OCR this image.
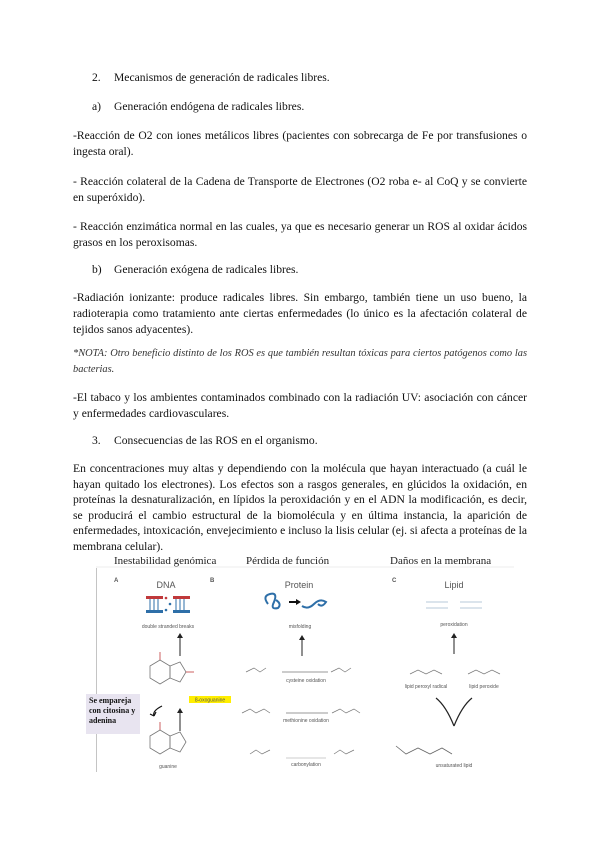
2. Mecanismos de generación de radicales libres.
a) Generación endógena de radicales libres.
-Reacción de O2 con iones metálicos libres (pacientes con sobrecarga de Fe por transfusiones o ingesta oral).
- Reacción colateral de la Cadena de Transporte de Electrones (O2 roba e- al CoQ y se convierte en superóxido).
- Reacción enzimática normal en las cuales, ya que es necesario generar un ROS al oxidar ácidos grasos en los peroxisomas.
b) Generación exógena de radicales libres.
-Radiación ionizante: produce radicales libres. Sin embargo, también tiene un uso bueno, la radioterapia como tratamiento ante ciertas enfermedades (lo único es la afectación colateral de tejidos sanos adyacentes).
*NOTA: Otro beneficio distinto de los ROS es que también resultan tóxicas para ciertos patógenos como las bacterias.
-El tabaco y los ambientes contaminados combinado con la radiación UV: asociación con cáncer y enfermedades cardiovasculares.
3. Consecuencias de las ROS en el organismo.
En concentraciones muy altas y dependiendo con la molécula que hayan interactuado (a cuál le hayan quitado los electrones). Los efectos son a rasgos generales, en glúcidos la oxidación, en proteínas la desnaturalización, en lípidos la peroxidación y en el ADN la modificación, es decir, se producirá el cambio estructural de la biomolécula y en última instancia, la aparición de enfermedades, intoxicación, envejecimiento e incluso la lisis celular (ej. si afecta a proteínas de la membrana celular).
Inestabilidad genómica	Pérdida de función	Daños en la membrana
A	DNA
double stranded breaks
8-oxoguanine
guanine
B	Protein
misfolding
cysteine oxidation
methionine oxidation
carbonylation
C	Lipid
peroxidation
lipid peroxyl radical	lipid peroxide
unsaturated lipid
Se empareja con citosina y adenina
